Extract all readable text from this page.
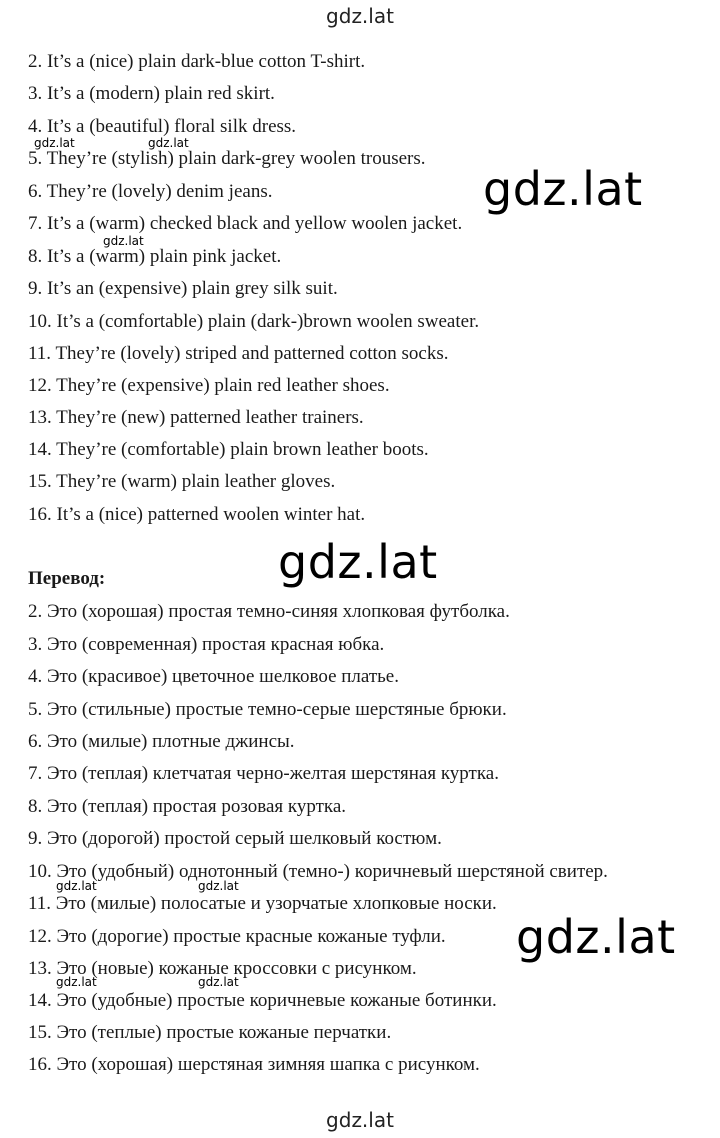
gdz.lat
2. It’s a (nice) plain dark-blue cotton T-shirt.
3. It’s a (modern) plain red skirt.
4. It’s a (beautiful) floral silk dress.
5. They’re (stylish) plain dark-grey woolen trousers.
6. They’re (lovely) denim jeans.
7. It’s a (warm) checked black and yellow woolen jacket.
8. It’s a (warm) plain pink jacket.
9. It’s an (expensive) plain grey silk suit.
10. It’s a (comfortable) plain (dark-)brown woolen sweater.
11. They’re (lovely) striped and patterned cotton socks.
12. They’re (expensive) plain red leather shoes.
13. They’re (new) patterned leather trainers.
14. They’re (comfortable) plain brown leather boots.
15. They’re (warm) plain leather gloves.
16. It’s a (nice) patterned woolen winter hat.
Перевод:
2. Это (хорошая) простая темно-синяя хлопковая футболка.
3. Это (современная) простая красная юбка.
4. Это (красивое) цветочное шелковое платье.
5. Это (стильные) простые темно-серые шерстяные брюки.
6. Это (милые) плотные джинсы.
7. Это (теплая) клетчатая черно-желтая шерстяная куртка.
8. Это (теплая) простая розовая куртка.
9. Это (дорогой) простой серый шелковый костюм.
10. Это (удобный) однотонный (темно-) коричневый шерстяной свитер.
11. Это (милые) полосатые и узорчатые хлопковые носки.
12. Это (дорогие) простые красные кожаные туфли.
13. Это (новые) кожаные кроссовки с рисунком.
14. Это (удобные) простые коричневые кожаные ботинки.
15. Это (теплые) простые кожаные перчатки.
16. Это (хорошая) шерстяная зимняя шапка с рисунком.
gdz.lat
gdz.lat
gdz.lat
gdz.lat	gdz.lat
gdz.lat
gdz.lat	gdz.lat
gdz.lat	gdz.lat
gdz.lat
